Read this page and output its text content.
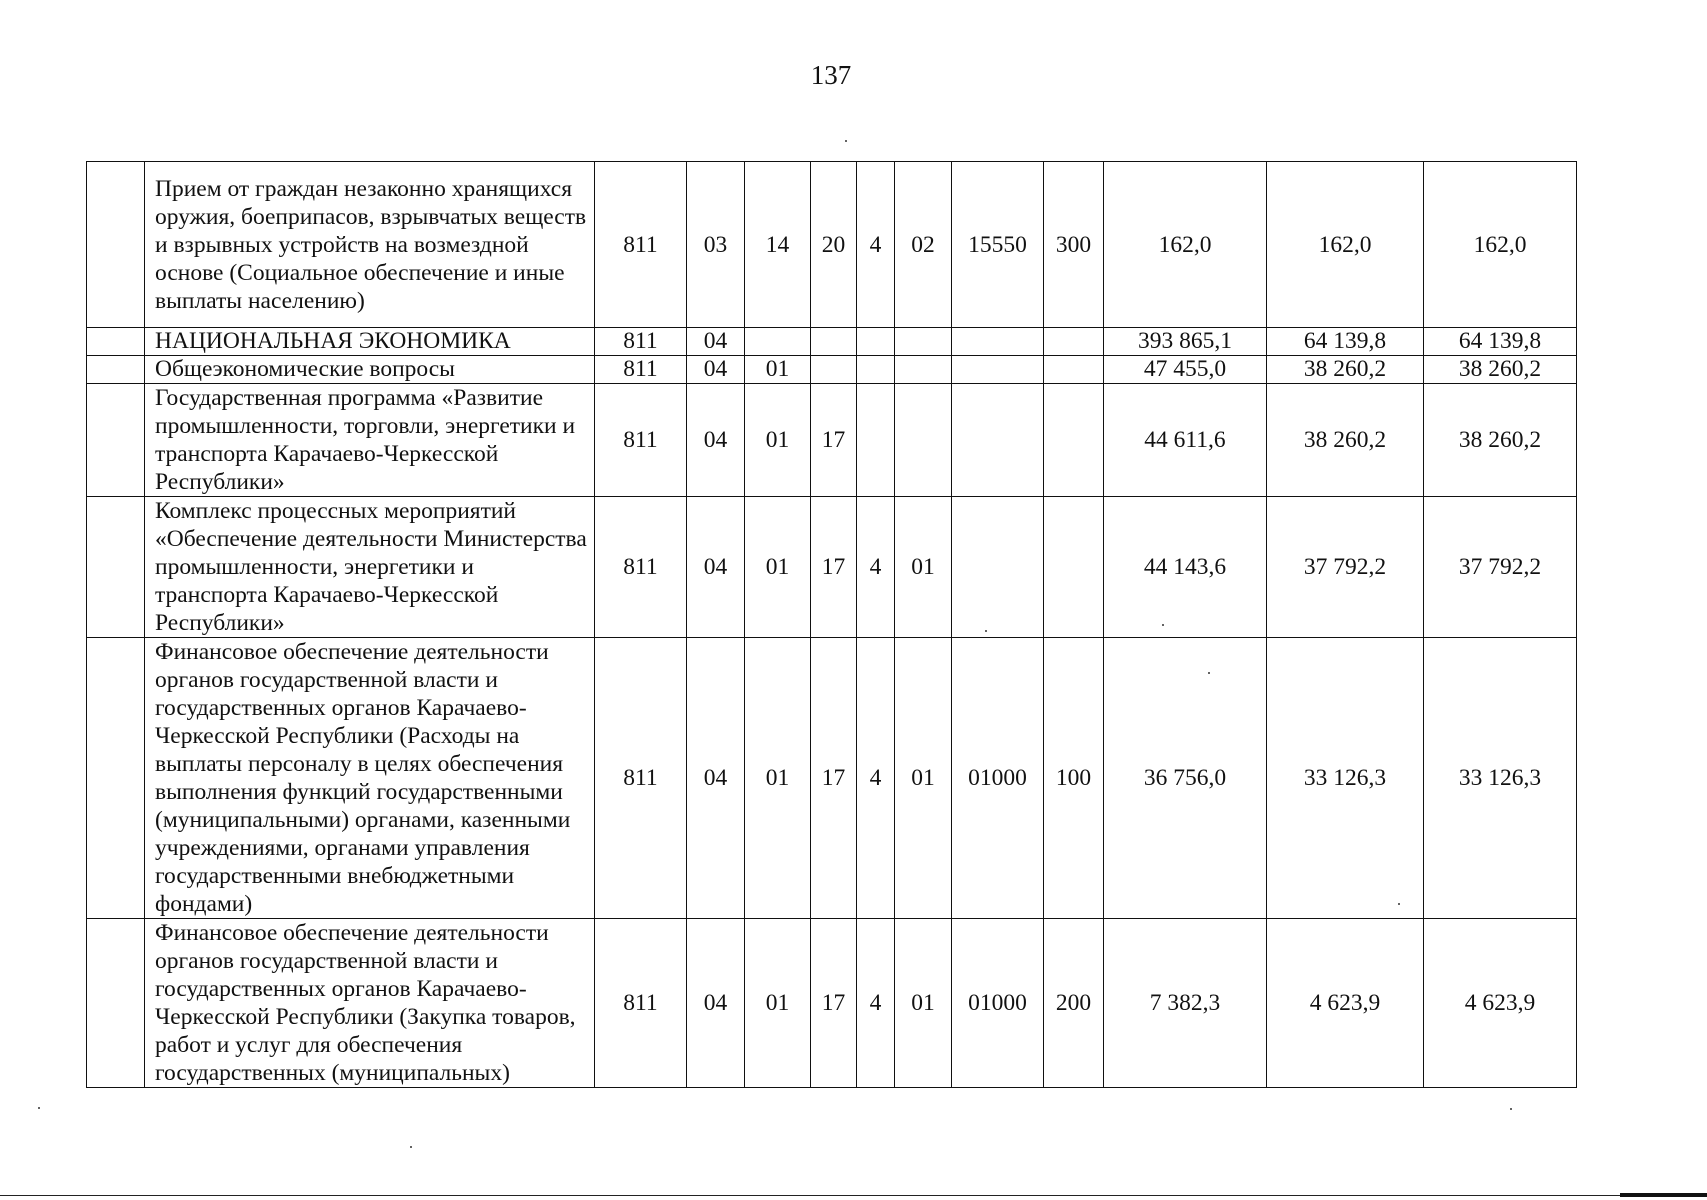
137
	Прием от граждан незаконно хранящихся оружия, боеприпасов, взрывчатых веществ и взрывных устройств на возмездной основе (Социальное обеспечение и иные выплаты населению)	811	03	14	20	4	02	15550	300	162,0	162,0	162,0
	НАЦИОНАЛЬНАЯ ЭКОНОМИКА	811	04							393 865,1	64 139,8	64 139,8
	Общеэкономические вопросы	811	04	01						47 455,0	38 260,2	38 260,2
	Государственная программа «Развитие промышленности, торговли, энергетики и транспорта Карачаево-Черкесской Республики»	811	04	01	17					44 611,6	38 260,2	38 260,2
	Комплекс процессных мероприятий «Обеспечение деятельности Министерства промышленности, энергетики и транспорта Карачаево-Черкесской Республики»	811	04	01	17	4	01			44 143,6	37 792,2	37 792,2
	Финансовое обеспечение деятельности органов государственной власти и государственных органов Карачаево-Черкесской Республики (Расходы на выплаты персоналу в целях обеспечения выполнения функций государственными (муниципальными) органами, казенными учреждениями, органами управления государственными внебюджетными фондами)	811	04	01	17	4	01	01000	100	36 756,0	33 126,3	33 126,3
	Финансовое обеспечение деятельности органов государственной власти и государственных органов Карачаево-Черкесской Республики (Закупка товаров, работ и услуг для обеспечения государственных (муниципальных)	811	04	01	17	4	01	01000	200	7 382,3	4 623,9	4 623,9
